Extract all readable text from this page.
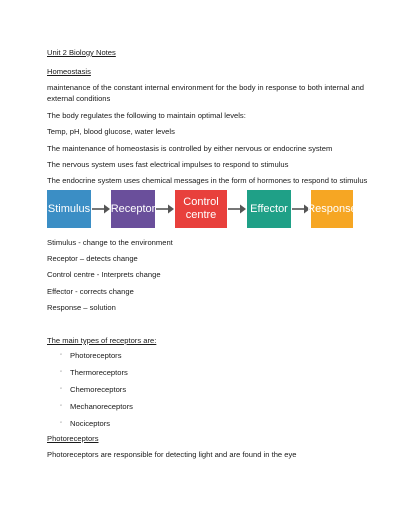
Unit 2 Biology Notes

Homeostasis

maintenance of the constant internal environment for the body in response to both internal and external conditions

The body regulates the following to maintain optimal levels:

Temp, pH, blood glucose, water levels

The maintenance of homeostasis is controlled by either nervous or endocrine system

The nervous system uses fast electrical impulses to respond to stimulus

The endocrine system uses chemical messages in the form of hormones to respond to stimulus

Stimulus Receptor
Control centre
Effector Response

Stimulus - change to the environment

Receptor – detects change

Control centre - Interprets change

Effector - corrects change

Response – solution

The main types of receptors are:

◦ Photoreceptors

◦ Thermoreceptors

◦ Chemoreceptors

◦ Mechanoreceptors

◦ Nociceptors

Photoreceptors

Photoreceptors are responsible for detecting light and are found in the eye
